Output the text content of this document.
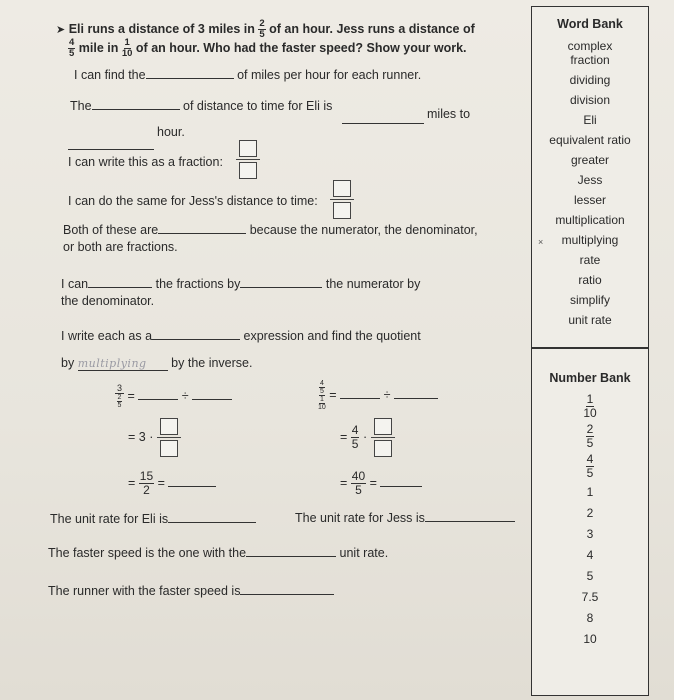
➤ Eli runs a distance of 3 miles in $\frac{2}{5}$ of an hour. Jess runs a distance of
$\frac{4}{5}$ mile in $\frac{1}{10}$ of an hour. Who had the faster speed? Show your work.
I can find the	of miles per hour for each runner.
The	of distance to time for Eli is
miles to
hour.
I can write this as a fraction:
I can do the same for Jess's distance to time:
Both of these are	because the numerator, the denominator,
or both are fractions.
I can	the fractions by	the numerator by
the denominator.
I write each as a	expression and find the quotient
by multiplying by the inverse.
3
$\frac{2}{5}$ =	÷
= 3 ·
= $\frac{15}{2}$ =
$\frac{\frac{4}{5}}{\frac{1}{10}}$ =	÷
= $\frac{4}{5}$ ·
= $\frac{40}{5}$ =
The unit rate for Eli is	The unit rate for Jess is
The faster speed is the one with the	unit rate.
The runner with the faster speed is
Word Bank
complex
fraction
dividing
division
Eli
equivalent ratio
greater
Jess
lesser
multiplication
× multiplying
rate
ratio
simplify
unit rate
Number Bank
$\frac{1}{10}$
$\frac{2}{5}$
$\frac{4}{5}$
1
2
3
4
5
7.5
8
10
